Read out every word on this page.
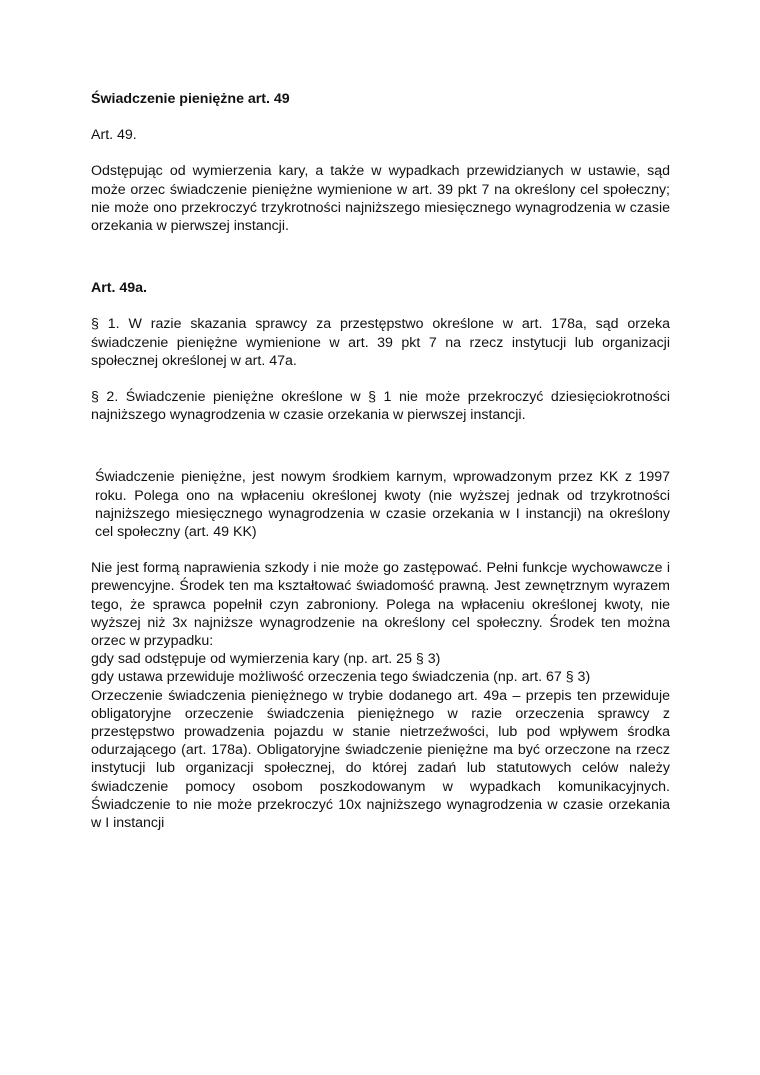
Świadczenie pieniężne art. 49

Art. 49.

Odstępując od wymierzenia kary, a także w wypadkach przewidzianych w ustawie, sąd może orzec świadczenie pieniężne wymienione w art. 39 pkt 7 na określony cel społeczny; nie może ono przekroczyć trzykrotności najniższego miesięcznego wynagrodzenia w czasie orzekania w pierwszej instancji.

Art. 49a.

§ 1. W razie skazania sprawcy za przestępstwo określone w art. 178a, sąd orzeka świadczenie pieniężne wymienione w art. 39 pkt 7 na rzecz instytucji lub organizacji społecznej określonej w art. 47a.

§ 2. Świadczenie pieniężne określone w § 1 nie może przekroczyć dziesięciokrotności najniższego wynagrodzenia w czasie orzekania w pierwszej instancji.

Świadczenie pieniężne, jest nowym środkiem karnym, wprowadzonym przez KK z 1997 roku. Polega ono na wpłaceniu określonej kwoty (nie wyższej jednak od trzykrotności najniższego miesięcznego wynagrodzenia w czasie orzekania w I instancji) na określony cel społeczny (art. 49 KK)

Nie jest formą naprawienia szkody i nie może go zastępować. Pełni funkcje wychowawcze i prewencyjne. Środek ten ma kształtować świadomość prawną. Jest zewnętrznym wyrazem tego, że sprawca popełnił czyn zabroniony. Polega na wpłaceniu określonej kwoty, nie wyższej niż 3x najniższe wynagrodzenie na określony cel społeczny. Środek ten można orzec w przypadku:

gdy sad odstępuje od wymierzenia kary (np. art. 25 § 3)

gdy ustawa przewiduje możliwość orzeczenia tego świadczenia (np. art. 67 § 3)

Orzeczenie świadczenia pieniężnego w trybie dodanego art. 49a – przepis ten przewiduje obligatoryjne orzeczenie świadczenia pieniężnego w razie orzeczenia sprawcy z przestępstwo prowadzenia pojazdu w stanie nietrzeźwości, lub pod wpływem środka odurzającego (art. 178a). Obligatoryjne świadczenie pieniężne ma być orzeczone na rzecz instytucji lub organizacji społecznej, do której zadań lub statutowych celów należy świadczenie pomocy osobom poszkodowanym w wypadkach komunikacyjnych. Świadczenie to nie może przekroczyć 10x najniższego wynagrodzenia w czasie orzekania w I instancji
